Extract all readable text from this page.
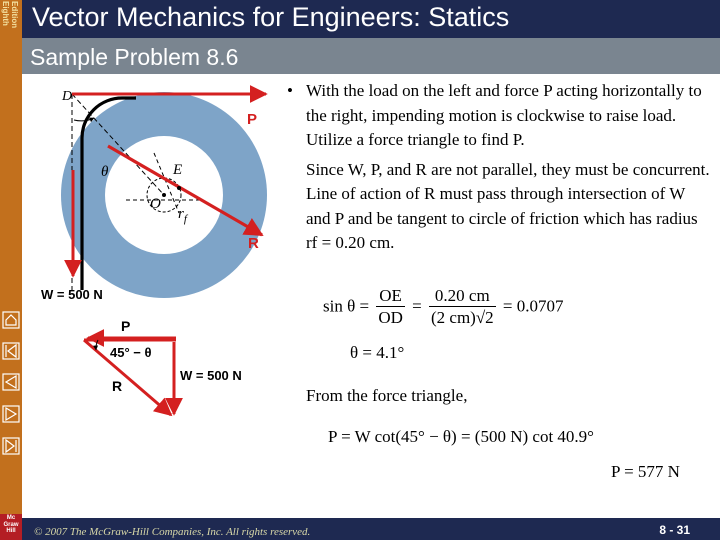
Eighth Edition
Mc
Graw
Hill
Vector Mechanics for Engineers: Statics
Sample Problem 8.6
D
P
E
θ
O
$r_f$
R
W = 500 N
P
45° − θ
W = 500 N
R
• With the load on the left and force P acting horizontally to the right, impending motion is clockwise to raise load. Utilize a force triangle to find P.

Since W, P, and R are not parallel, they must be concurrent. Line of action of R must pass through intersection of W and P and be tangent to circle of friction which has radius rf = 0.20 cm.

$\sin \theta = \frac{OE}{OD} = \frac{0.20 cm}{(2 cm)√2} = 0.0707$
θ = 4.1°
From the force triangle,
P = W cot(45° − θ) = (500 N) cot 40.9°
P = 577 N
© 2007 The McGraw-Hill Companies, Inc. All rights reserved.	8 - 31
